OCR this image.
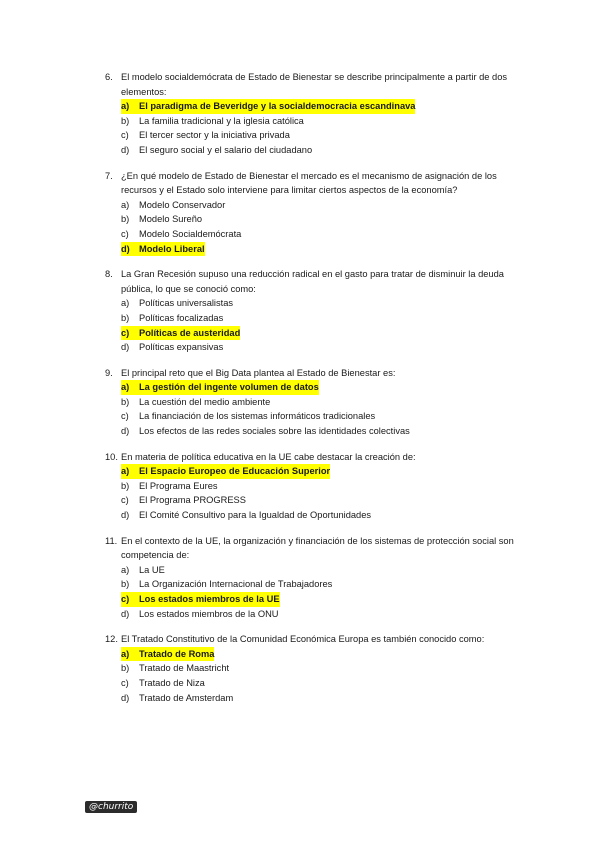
6. El modelo socialdemócrata de Estado de Bienestar se describe principalmente a partir de dos elementos:
a)	El paradigma de Beveridge y la socialdemocracia escandinava
b)	La familia tradicional y la iglesia católica
c)	El tercer sector y la iniciativa privada
d)	El seguro social y el salario del ciudadano
7. ¿En qué modelo de Estado de Bienestar el mercado es el mecanismo de asignación de los recursos y el Estado solo interviene para limitar ciertos aspectos de la economía?
a)	Modelo Conservador
b)	Modelo Sureño
c)	Modelo Socialdemócrata
d) Modelo Liberal
8. La Gran Recesión supuso una reducción radical en el gasto para tratar de disminuir la deuda pública, lo que se conoció como:
a)	Políticas universalistas
b)	Políticas focalizadas
c)	Políticas de austeridad
d)	Políticas expansivas
9. El principal reto que el Big Data plantea al Estado de Bienestar es:
a)	La gestión del ingente volumen de datos
b)	La cuestión del medio ambiente
c)	La financiación de los sistemas informáticos tradicionales
d)	Los efectos de las redes sociales sobre las identidades colectivas
10. En materia de política educativa en la UE cabe destacar la creación de:
a)	El Espacio Europeo de Educación Superior
b)	El Programa Eures
c)	El Programa PROGRESS
d)	El Comité Consultivo para la Igualdad de Oportunidades
11. En el contexto de la UE, la organización y financiación de los sistemas de protección social son competencia de:
a)	La UE
b)	La Organización Internacional de Trabajadores
c)	Los estados miembros de la UE
d)	Los estados miembros de la ONU
12. El Tratado Constitutivo de la Comunidad Económica Europa es también conocido como:
a)	Tratado de Roma
b)	Tratado de Maastricht
c)	Tratado de Niza
d)	Tratado de Amsterdam
@churrito
